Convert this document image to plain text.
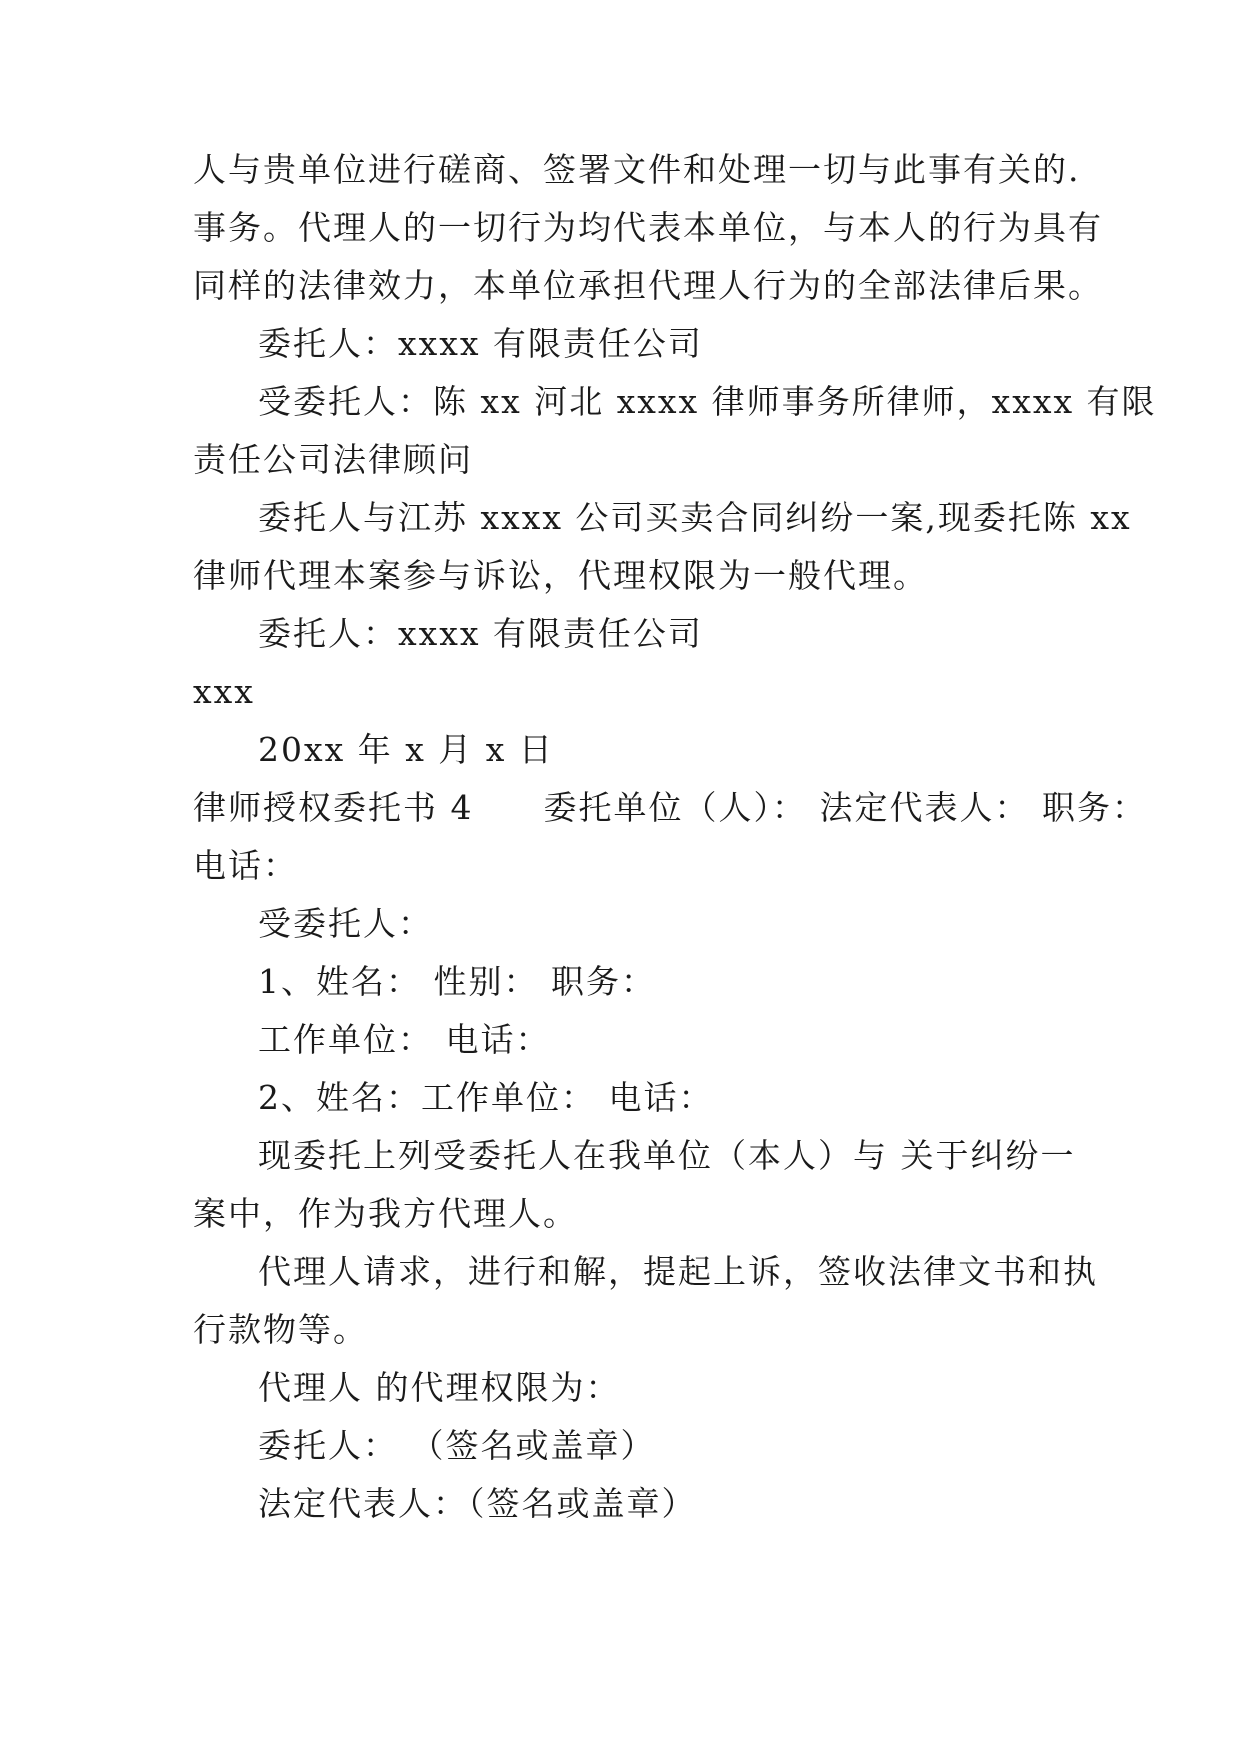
人与贵单位进行磋商、签署文件和处理一切与此事有关的.
事务。代理人的一切行为均代表本单位，与本人的行为具有
同样的法律效力，本单位承担代理人行为的全部法律后果。
委托人：xxxx 有限责任公司
受委托人：陈 xx 河北 xxxx 律师事务所律师，xxxx 有限
责任公司法律顾问
委托人与江苏 xxxx 公司买卖合同纠纷一案,现委托陈 xx
律师代理本案参与诉讼，代理权限为一般代理。
委托人：xxxx 有限责任公司
xxx
20xx 年 x 月 x 日
律师授权委托书 4　　委托单位（人）： 法定代表人： 职务：
电话：
受委托人：
1、姓名： 性别： 职务：
工作单位： 电话：
2、姓名：工作单位： 电话：
现委托上列受委托人在我单位（本人）与 关于纠纷一
案中，作为我方代理人。
代理人请求，进行和解，提起上诉，签收法律文书和执
行款物等。
代理人 的代理权限为：
委托人： （签名或盖章）
法定代表人：（签名或盖章）
